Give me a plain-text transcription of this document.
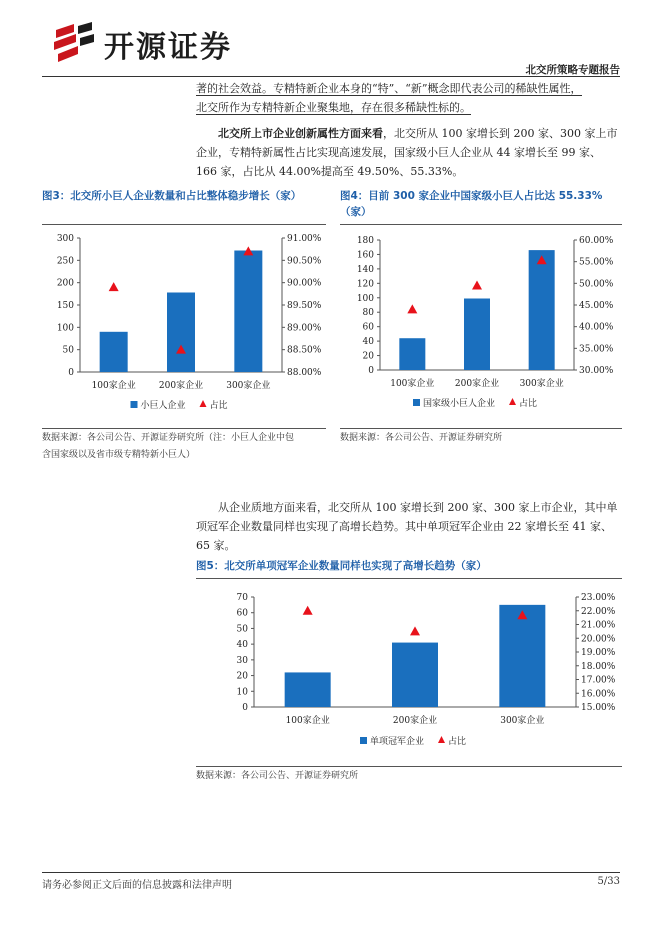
开源证券
北交所策略专题报告
著的社会效益。专精特新企业本身的“特”、“新”概念即代表公司的稀缺性属性，
北交所作为专精特新企业聚集地，存在很多稀缺性标的。
北交所上市企业创新属性方面来看，北交所从 100 家增长到 200 家、300 家上市
企业，专精特新属性占比实现高速发展，国家级小巨人企业从 44 家增长至 99 家、
166 家，占比从 44.00%提高至 49.50%、55.33%。
图3：北交所小巨人企业数量和占比整体稳步增长（家）
0
50
100
150
200
250
300
88.00%
88.50%
89.00%
89.50%
90.00%
90.50%
91.00%
100家企业	200家企业	300家企业
小巨人企业	占比
数据来源：各公司公告、开源证券研究所（注：小巨人企业中包
含国家级以及省市级专精特新小巨人）
图4：目前 300 家企业中国家级小巨人占比达 55.33%
（家）
0
20
40
60
80
100
120
140
160
180
30.00%
35.00%
40.00%
45.00%
50.00%
55.00%
60.00%
100家企业 200家企业 300家企业
国家级小巨人企业	占比
数据来源：各公司公告、开源证券研究所
从企业质地方面来看，北交所从 100 家增长到 200 家、300 家上市企业，其中单
项冠军企业数量同样也实现了高增长趋势。其中单项冠军企业由 22 家增长至 41 家、
65 家。
图5：北交所单项冠军企业数量同样也实现了高增长趋势（家）
0
10
20
30
40
50
60
70
15.00%
16.00%
17.00%
18.00%
19.00%
20.00%
21.00%
22.00%
23.00%
100家企业	200家企业	300家企业
单项冠军企业	占比
数据来源：各公司公告、开源证券研究所
请务必参阅正文后面的信息披露和法律声明	5/33
